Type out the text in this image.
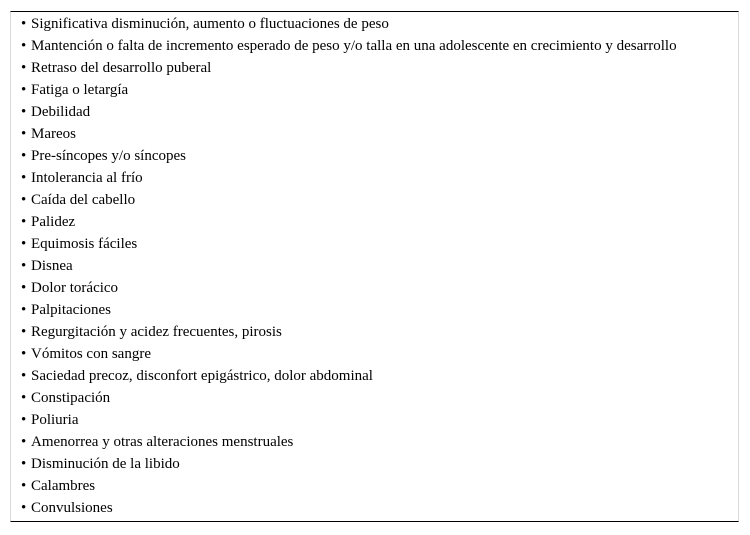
• Significativa disminución, aumento o fluctuaciones de peso
• Mantención o falta de incremento esperado de peso y/o talla en una adolescente en crecimiento y desarrollo
• Retraso del desarrollo puberal
• Fatiga o letargía
• Debilidad
• Mareos
• Pre-síncopes y/o síncopes
• Intolerancia al frío
• Caída del cabello
• Palidez
• Equimosis fáciles
• Disnea
• Dolor torácico
• Palpitaciones
• Regurgitación y acidez frecuentes, pirosis
• Vómitos con sangre
• Saciedad precoz, disconfort epigástrico, dolor abdominal
• Constipación
• Poliuria
• Amenorrea y otras alteraciones menstruales
• Disminución de la libido
• Calambres
• Convulsiones
